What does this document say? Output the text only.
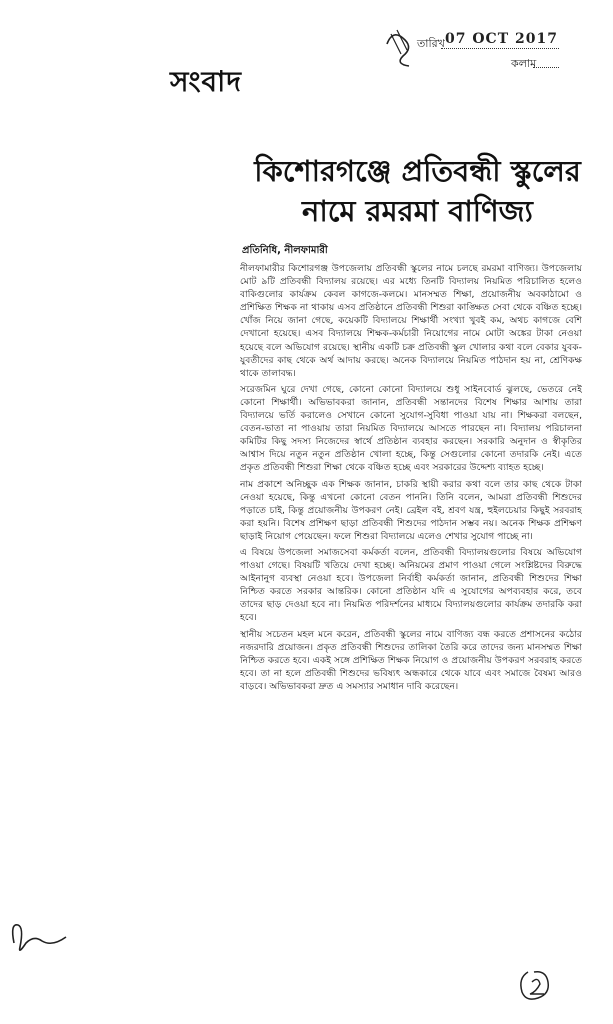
তারিখ 07 OCT 2017
কলাম
সংবাদ
কিশোরগঞ্জে প্রতিবন্ধী স্কুলের
নামে রমরমা বাণিজ্য
প্রতিনিধি, নীলফামারী

নীলফামারীর কিশোরগঞ্জ উপজেলায় প্রতিবন্ধী স্কুলের নামে চলছে রমরমা বাণিজ্য। উপজেলায় মোট ৯টি প্রতিবন্ধী বিদ্যালয় রয়েছে। এর মধ্যে তিনটি বিদ্যালয় নিয়মিত পরিচালিত হলেও বাকিগুলোর কার্যক্রম কেবল কাগজে-কলমে। মানসম্মত শিক্ষা, প্রয়োজনীয় অবকাঠামো ও প্রশিক্ষিত শিক্ষক না থাকায় এসব প্রতিষ্ঠানে প্রতিবন্ধী শিশুরা কাঙ্ক্ষিত সেবা থেকে বঞ্চিত হচ্ছে। খোঁজ নিয়ে জানা গেছে, কয়েকটি বিদ্যালয়ে শিক্ষার্থী সংখ্যা খুবই কম, অথচ কাগজে বেশি দেখানো হয়েছে। এসব বিদ্যালয়ে শিক্ষক-কর্মচারী নিয়োগের নামে মোটা অঙ্কের টাকা নেওয়া হয়েছে বলে অভিযোগ রয়েছে। স্থানীয় একটি চক্র প্রতিবন্ধী স্কুল খোলার কথা বলে বেকার যুবক-যুবতীদের কাছ থেকে অর্থ আদায় করছে। অনেক বিদ্যালয়ে নিয়মিত পাঠদান হয় না, শ্রেণিকক্ষ থাকে তালাবদ্ধ।

সরেজমিন ঘুরে দেখা গেছে, কোনো কোনো বিদ্যালয়ে শুধু সাইনবোর্ড ঝুলছে, ভেতরে নেই কোনো শিক্ষার্থী। অভিভাবকরা জানান, প্রতিবন্ধী সন্তানদের বিশেষ শিক্ষার আশায় তারা বিদ্যালয়ে ভর্তি করালেও সেখানে কোনো সুযোগ-সুবিধা পাওয়া যায় না। শিক্ষকরা বলছেন, বেতন-ভাতা না পাওয়ায় তারা নিয়মিত বিদ্যালয়ে আসতে পারছেন না। বিদ্যালয় পরিচালনা কমিটির কিছু সদস্য নিজেদের স্বার্থে প্রতিষ্ঠান ব্যবহার করছেন। সরকারি অনুদান ও স্বীকৃতির আশ্বাস দিয়ে নতুন নতুন প্রতিষ্ঠান খোলা হচ্ছে, কিন্তু সেগুলোর কোনো তদারকি নেই। এতে প্রকৃত প্রতিবন্ধী শিশুরা শিক্ষা থেকে বঞ্চিত হচ্ছে এবং সরকারের উদ্দেশ্য ব্যাহত হচ্ছে।

নাম প্রকাশে অনিচ্ছুক এক শিক্ষক জানান, চাকরি স্থায়ী করার কথা বলে তার কাছ থেকে টাকা নেওয়া হয়েছে, কিন্তু এখনো কোনো বেতন পাননি। তিনি বলেন, আমরা প্রতিবন্ধী শিশুদের পড়াতে চাই, কিন্তু প্রয়োজনীয় উপকরণ নেই। ব্রেইল বই, শ্রবণ যন্ত্র, হুইলচেয়ার কিছুই সরবরাহ করা হয়নি। বিশেষ প্রশিক্ষণ ছাড়া প্রতিবন্ধী শিশুদের পাঠদান সম্ভব নয়। অনেক শিক্ষক প্রশিক্ষণ ছাড়াই নিয়োগ পেয়েছেন। ফলে শিশুরা বিদ্যালয়ে এলেও শেখার সুযোগ পাচ্ছে না।

এ বিষয়ে উপজেলা সমাজসেবা কর্মকর্তা বলেন, প্রতিবন্ধী বিদ্যালয়গুলোর বিষয়ে অভিযোগ পাওয়া গেছে। বিষয়টি খতিয়ে দেখা হচ্ছে। অনিয়মের প্রমাণ পাওয়া গেলে সংশ্লিষ্টদের বিরুদ্ধে আইনানুগ ব্যবস্থা নেওয়া হবে। উপজেলা নির্বাহী কর্মকর্তা জানান, প্রতিবন্ধী শিশুদের শিক্ষা নিশ্চিত করতে সরকার আন্তরিক। কোনো প্রতিষ্ঠান যদি এ সুযোগের অপব্যবহার করে, তবে তাদের ছাড় দেওয়া হবে না। নিয়মিত পরিদর্শনের মাধ্যমে বিদ্যালয়গুলোর কার্যক্রম তদারকি করা হবে।

স্থানীয় সচেতন মহল মনে করেন, প্রতিবন্ধী স্কুলের নামে বাণিজ্য বন্ধ করতে প্রশাসনের কঠোর নজরদারি প্রয়োজন। প্রকৃত প্রতিবন্ধী শিশুদের তালিকা তৈরি করে তাদের জন্য মানসম্মত শিক্ষা নিশ্চিত করতে হবে। একই সঙ্গে প্রশিক্ষিত শিক্ষক নিয়োগ ও প্রয়োজনীয় উপকরণ সরবরাহ করতে হবে। তা না হলে প্রতিবন্ধী শিশুদের ভবিষ্যৎ অন্ধকারে থেকে যাবে এবং সমাজে বৈষম্য আরও বাড়বে। অভিভাবকরা দ্রুত এ সমস্যার সমাধান দাবি করেছেন।
